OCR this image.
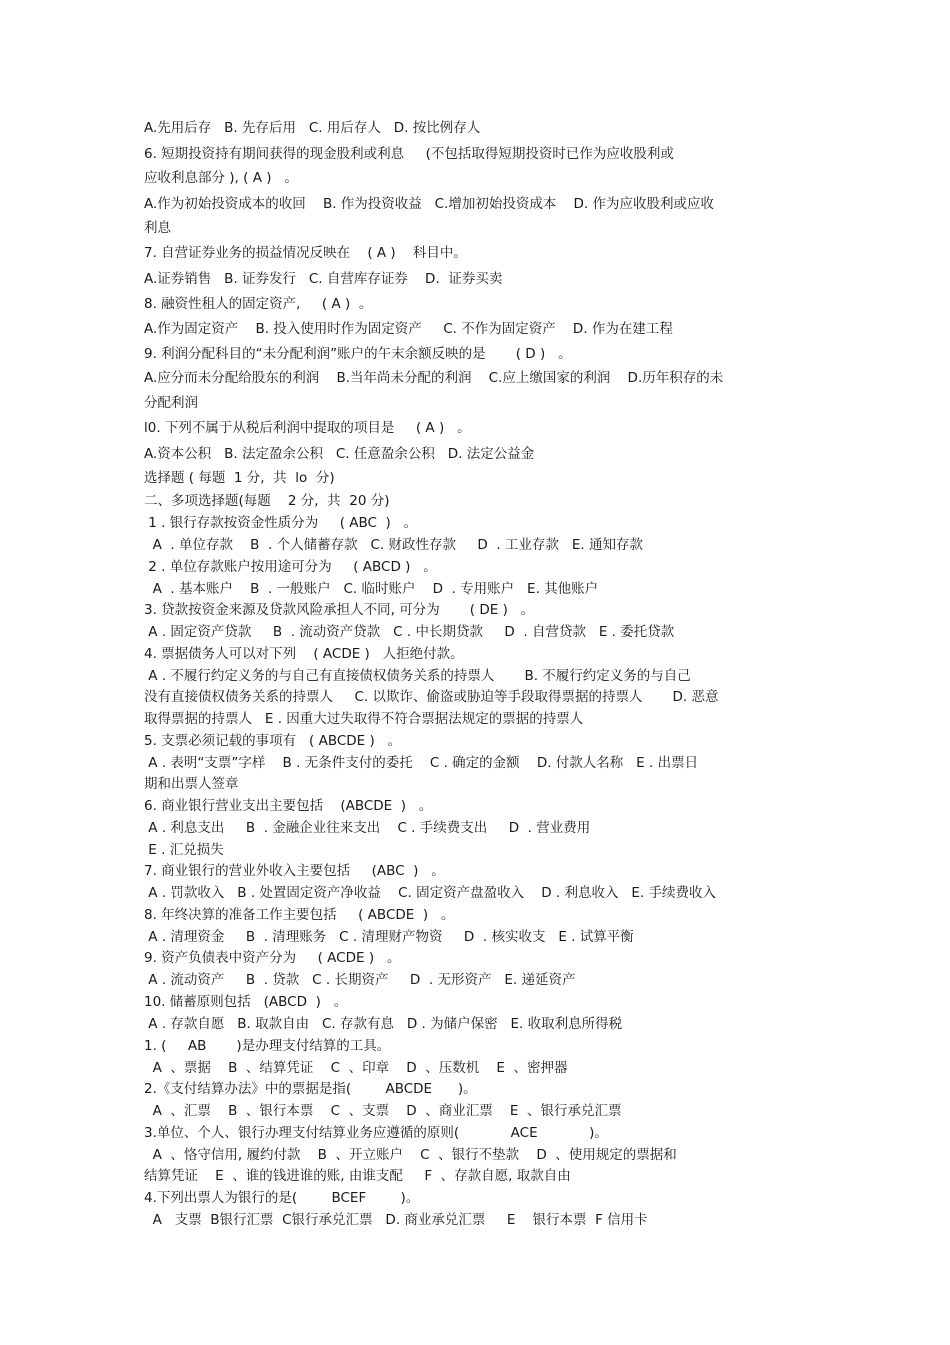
A.先用后存   B. 先存后用   C. 用后存人   D. 按比例存人
6. 短期投资持有期间获得的现金股利或利息     (不包括取得短期投资时已作为应收股利或
应收利息部分 ), ( A )   。
A.作为初始投资成本的收回    B. 作为投资收益   C.增加初始投资成本    D. 作为应收股利或应收
利息
7. 自营证券业务的损益情况反映在    ( A )    科目中。
A.证券销售   B. 证券发行   C. 自营库存证券    D.  证券买卖
8. 融资性租人的固定资产,     ( A )  。
A.作为固定资产    B. 投入使用时作为固定资产     C. 不作为固定资产    D. 作为在建工程
9. 利润分配科目的“未分配利润”账户的午末余额反映的是       ( D )   。
A.应分而未分配给股东的利润    B.当年尚未分配的利润    C.应上缴国家的利润    D.历年积存的未
分配利润
l0. 下列不属于从税后利润中提取的项目是     ( A )   。
A.资本公积   B. 法定盈余公积   C. 任意盈余公积   D. 法定公益金
选择题 ( 每题  1 分,  共  lo  分)
二、多项选择题(每题    2 分,  共  20 分)
1 . 银行存款按资金性质分为     ( ABC  )   。
A  . 单位存款    B  . 个人储蓄存款   C. 财政性存款     D  . 工业存款   E. 通知存款
2 . 单位存款账户按用途可分为     ( ABCD )   。
A  . 基本账户    B  . 一般账户   C. 临时账户    D  . 专用账户   E. 其他账户
3. 贷款按资金来源及贷款风险承担人不同, 可分为       ( DE )   。
A . 固定资产贷款     B  . 流动资产贷款   C . 中长期贷款     D  . 自营贷款   E . 委托贷款
4. 票据债务人可以对下列    ( ACDE )   人拒绝付款。
A . 不履行约定义务的与自己有直接债权债务关系的持票人       B. 不履行约定义务的与自己
没有直接债权债务关系的持票人     C. 以欺诈、偷盗或胁迫等手段取得票据的持票人       D. 恶意
取得票据的持票人   E . 因重大过失取得不符合票据法规定的票据的持票人
5. 支票必须记载的事项有   ( ABCDE )   。
A . 表明“支票”字样    B . 无条件支付的委托    C . 确定的金额    D. 付款人名称   E . 出票日
期和出票人签章
6. 商业银行营业支出主要包括    (ABCDE  )   。
A . 利息支出     B  . 金融企业往来支出    C . 手续费支出     D  . 营业费用
E . 汇兑损失
7. 商业银行的营业外收入主要包括     (ABC  )   。
A . 罚款收入   B . 处置固定资产净收益    C. 固定资产盘盈收入    D . 利息收入   E. 手续费收入
8. 年终决算的准备工作主要包括     ( ABCDE  )   。
A . 清理资金     B  . 清理账务   C . 清理财产物资     D  . 核实收支   E . 试算平衡
9. 资产负债表中资产分为     ( ACDE )   。
A . 流动资产     B  . 贷款   C . 长期资产     D  . 无形资产   E. 递延资产
10. 储蓄原则包括   (ABCD  )   。
A . 存款自愿   B. 取款自由   C. 存款有息   D . 为储户保密   E. 收取利息所得税
1. (     AB       )是办理支付结算的工具。
A  、票据    B  、结算凭证    C  、印章    D  、压数机    E  、密押器
2.《支付结算办法》中的票据是指(        ABCDE      )。
A  、汇票    B  、银行本票    C  、支票    D  、商业汇票    E  、银行承兑汇票
3.单位、个人、银行办理支付结算业务应遵循的原则(            ACE            )。
A  、恪守信用, 履约付款    B  、开立账户    C  、银行不垫款    D  、使用规定的票据和
结算凭证    E  、谁的钱进谁的账, 由谁支配     F  、存款自愿, 取款自由
4.下列出票人为银行的是(        BCEF        )。
A   支票  B银行汇票  C银行承兑汇票   D. 商业承兑汇票     E    银行本票  F 信用卡
